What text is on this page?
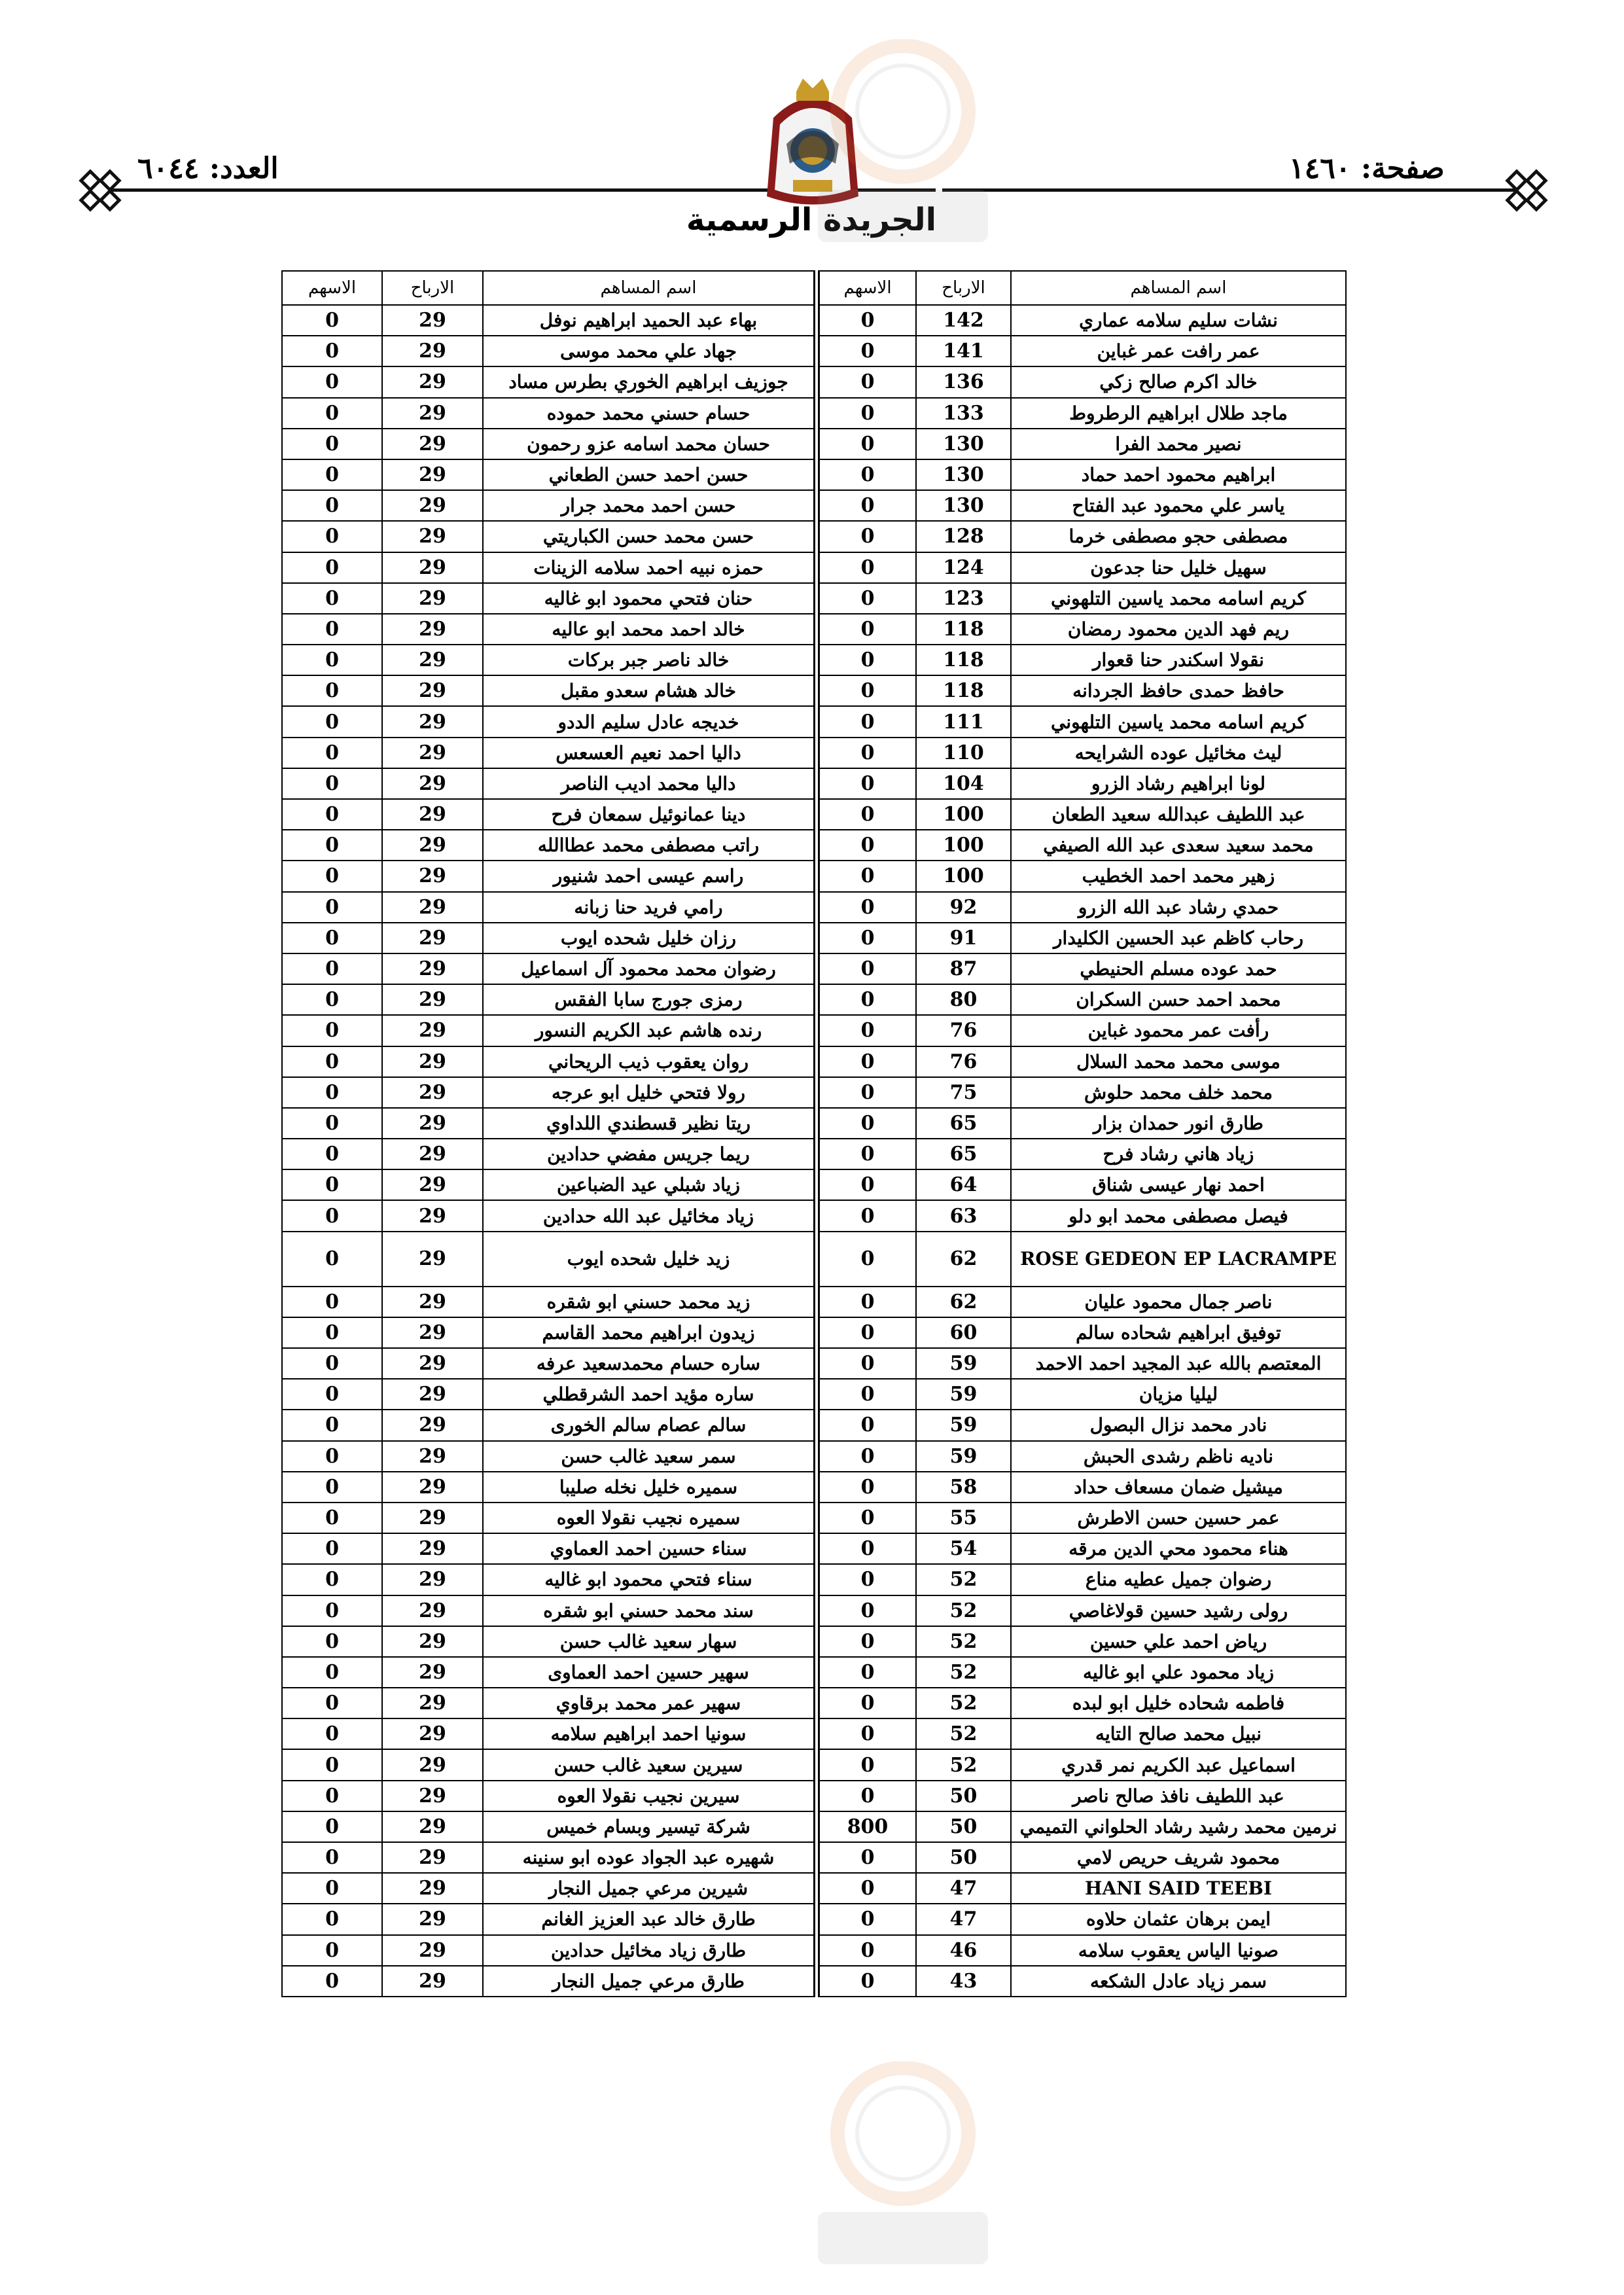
العدد: ٦٠٤٤	صفحة: ١٤٦٠
الجريدة الرسمية
اسم المساهم	الارباح	الاسهم	اسم المساهم	الارباح	الاسهم
نشات سليم سلامه عماري	142	0	بهاء عبد الحميد ابراهيم نوفل	29	0
عمر رافت عمر غباين	141	0	جهاد علي محمد موسى	29	0
خالد اكرم صالح زكي	136	0	جوزيف ابراهيم الخوري بطرس مساد	29	0
ماجد طلال ابراهيم الرطروط	133	0	حسام حسني محمد حموده	29	0
نصير محمد الفرا	130	0	حسان محمد اسامه عزو رحمون	29	0
ابراهيم محمود احمد حماد	130	0	حسن احمد حسن الطعاني	29	0
ياسر علي محمود عبد الفتاح	130	0	حسن احمد محمد جرار	29	0
مصطفى حجو مصطفى خرما	128	0	حسن محمد حسن الكباريتي	29	0
سهيل خليل حنا جدعون	124	0	حمزه نبيه احمد سلامه الزينات	29	0
كريم اسامه محمد ياسين التلهوني	123	0	حنان فتحي محمود ابو غاليه	29	0
ريم فهد الدين محمود رمضان	118	0	خالد احمد محمد ابو عاليه	29	0
نقولا اسكندر حنا قعوار	118	0	خالد ناصر جبر بركات	29	0
حافظ حمدى حافظ الجردانه	118	0	خالد هشام سعدو مقبل	29	0
كريم اسامه محمد ياسين التلهوني	111	0	خديجه عادل سليم الددو	29	0
ليث مخائيل عوده الشرايحه	110	0	داليا احمد نعيم العسعس	29	0
لونا ابراهيم رشاد الزرو	104	0	داليا محمد اديب الناصر	29	0
عبد اللطيف عبدالله سعيد الطعان	100	0	دينا عمانوئيل سمعان فرح	29	0
محمد سعيد سعدى عبد الله الصيفي	100	0	راتب مصطفى محمد عطاالله	29	0
زهير محمد احمد الخطيب	100	0	راسم عيسى احمد شنيور	29	0
حمدي رشاد عبد الله الزرو	92	0	رامي فريد حنا زبانه	29	0
رحاب كاظم عبد الحسين الكليدار	91	0	رزان خليل شحده ايوب	29	0
حمد عوده مسلم الحنيطي	87	0	رضوان محمد محمود آل اسماعيل	29	0
محمد احمد حسن السكران	80	0	رمزى جورج سابا الفقس	29	0
رأفت عمر محمود غباين	76	0	رنده هاشم عبد الكريم النسور	29	0
موسى محمد محمد السلال	76	0	روان يعقوب ذيب الريحاني	29	0
محمد خلف محمد حلوش	75	0	رولا فتحي خليل ابو عرجه	29	0
طارق انور حمدان بزار	65	0	ريتا نظير قسطندي اللداوي	29	0
زياد هاني رشاد فرح	65	0	ريما جريس مفضي حدادين	29	0
احمد نهار عيسى شناق	64	0	زياد شبلي عيد الضباعين	29	0
فيصل مصطفى محمد ابو دلو	63	0	زياد مخائيل عبد الله حدادين	29	0
ROSE GEDEON EP LACRAMPE	62	0	زيد خليل شحده ايوب	29	0
ناصر جمال محمود عليان	62	0	زيد محمد حسني ابو شقره	29	0
توفيق ابراهيم شحاده سالم	60	0	زيدون ابراهيم محمد القاسم	29	0
المعتصم بالله عبد المجيد احمد الاحمد	59	0	ساره حسام محمدسعيد عرفه	29	0
ليليا مزيان	59	0	ساره مؤيد احمد الشرقطلي	29	0
نادر محمد نزال البصول	59	0	سالم عصام سالم الخورى	29	0
ناديه ناظم رشدى الحبش	59	0	سمر سعيد غالب حسن	29	0
ميشيل ضمان مسعاف حداد	58	0	سميره خليل نخله صليبا	29	0
عمر حسين حسن الاطرش	55	0	سميره نجيب نقولا العوه	29	0
هناء محمود محي الدين مرقه	54	0	سناء حسين احمد العماوي	29	0
رضوان جميل عطيه مناع	52	0	سناء فتحي محمود ابو غاليه	29	0
رولى رشيد حسين قولاغاصي	52	0	سند محمد حسني ابو شقره	29	0
رياض احمد علي حسين	52	0	سهار سعيد غالب حسن	29	0
زياد محمود علي ابو غاليه	52	0	سهير حسين احمد العماوى	29	0
فاطمه شحاده خليل ابو لبده	52	0	سهير عمر محمد برقاوي	29	0
نبيل محمد صالح التايه	52	0	سونيا احمد ابراهيم سلامه	29	0
اسماعيل عبد الكريم نمر قدري	52	0	سيرين سعيد غالب حسن	29	0
عبد اللطيف نافذ صالح ناصر	50	0	سيرين نجيب نقولا العوه	29	0
نرمين محمد رشيد رشاد الحلواني التميمي	50	800	شركة تيسير وبسام خميس	29	0
محمود شريف حريص لامي	50	0	شهيره عبد الجواد عوده ابو سنينه	29	0
HANI SAID TEEBI	47	0	شيرين مرعي جميل النجار	29	0
ايمن برهان عثمان حلاوه	47	0	طارق خالد عبد العزيز الغانم	29	0
صونيا الياس يعقوب سلامه	46	0	طارق زياد مخائيل حدادين	29	0
سمر زياد عادل الشكعه	43	0	طارق مرعي جميل النجار	29	0
